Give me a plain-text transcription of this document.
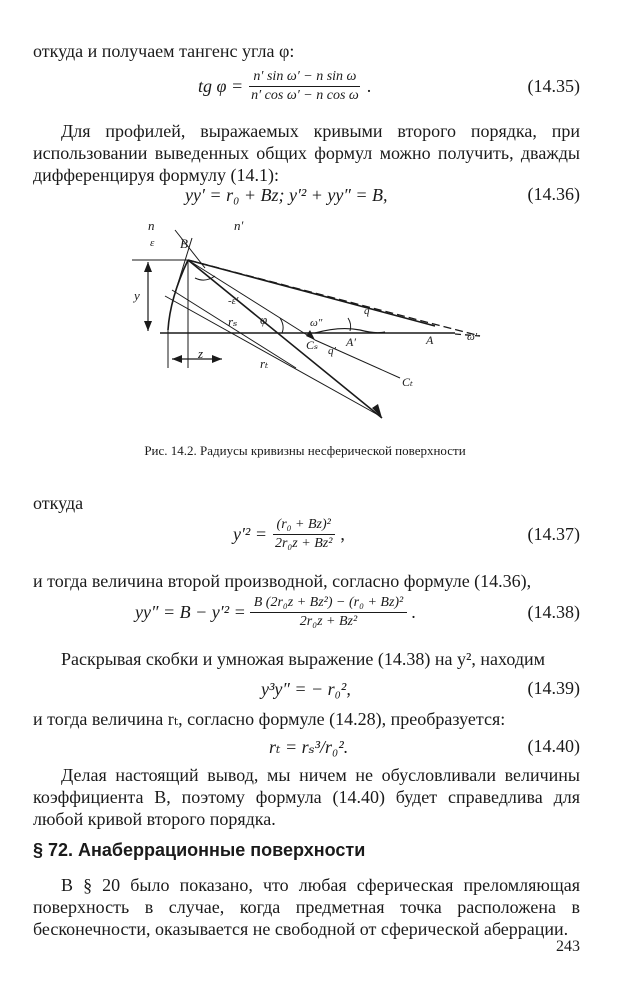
откуда и получаем тангенс угла φ:

tg $\varphi = \frac{\text{n′ sin ω′ − n sin ω}}{\text{n′ cos ω′ − n cos ω}}$ .	(14.35)

Для профилей, выражаемых кривыми второго порядка, при использовании выведенных общих формул можно получить, дважды дифференцируя формулу (14.1):

yy′ = r₀ + Bz; y′² + yy″ = B,	(14.36)
n	n′
ε B
y	-ε′
φ	ω″
q
ω′
Cₛ q′
A′	A
rₛ
z
rₜ
Cₜ
Рис. 14.2. Радиусы кривизны несферической поверхности

откуда

$y'^2 = \frac{\text{(r₀ + Bz)²}}{\text{2r₀z + Bz²}}$ ,	(14.37)

и тогда величина второй производной, согласно формуле (14.36),

$yy'' = B - y'^2 = \frac{\text{B (2r₀z + Bz²) − (r₀ + Bz)²}}{\text{2r₀z + Bz²}}$ .	(14.38)

Раскрывая скобки и умножая выражение (14.38) на y², находим

y³y″ = − r₀²,	(14.39)

и тогда величина rₜ, согласно формуле (14.28), преобразуется:

rₜ = rₛ³/r₀².	(14.40)

Делая настоящий вывод, мы ничем не обусловливали величины коэффициента B, поэтому формула (14.40) будет справедлива для любой кривой второго порядка.

§ 72. Анаберрационные поверхности

В § 20 было показано, что любая сферическая преломляющая поверхность в случае, когда предметная точка расположена в бесконечности, оказывается не свободной от сферической аберрации.

243
